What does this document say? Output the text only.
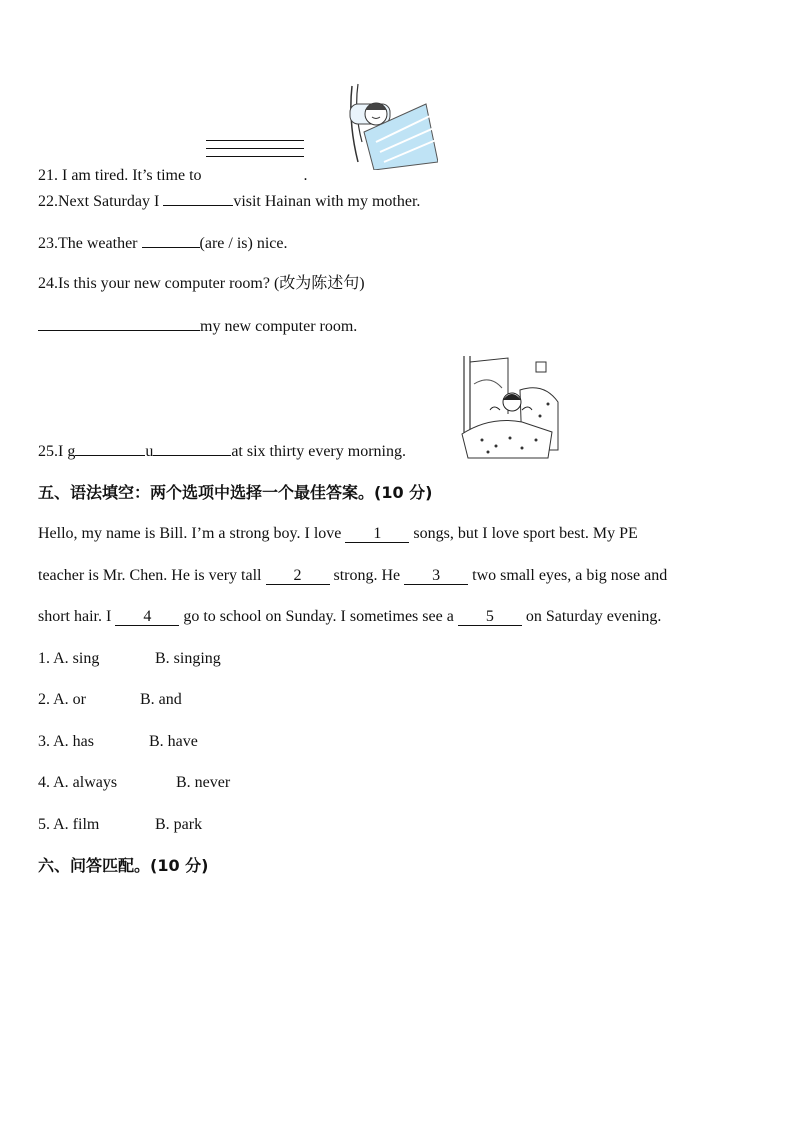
21. I am tired. It’s time to	.
22.Next Saturday I	visit Hainan with my mother.
23.The weather	(are / is) nice.
24.Is this your new computer room? (改为陈述句)
my new computer room.
25.I g	u	at six thirty every morning.
五、语法填空：两个选项中选择一个最佳答案。(10 分)
Hello, my name is Bill. I’m a strong boy. I love 1 songs, but I love sport best. My PE
teacher is Mr. Chen. He is very tall 2 strong. He 3 two small eyes, a big nose and
short hair. I 4 go to school on Sunday. I sometimes see a 5 on Saturday evening.
1. A. sing	B. singing
2. A. or	B. and
3. A. has	B. have
4. A. always	B. never
5. A. film	B. park
六、问答匹配。(10 分)
